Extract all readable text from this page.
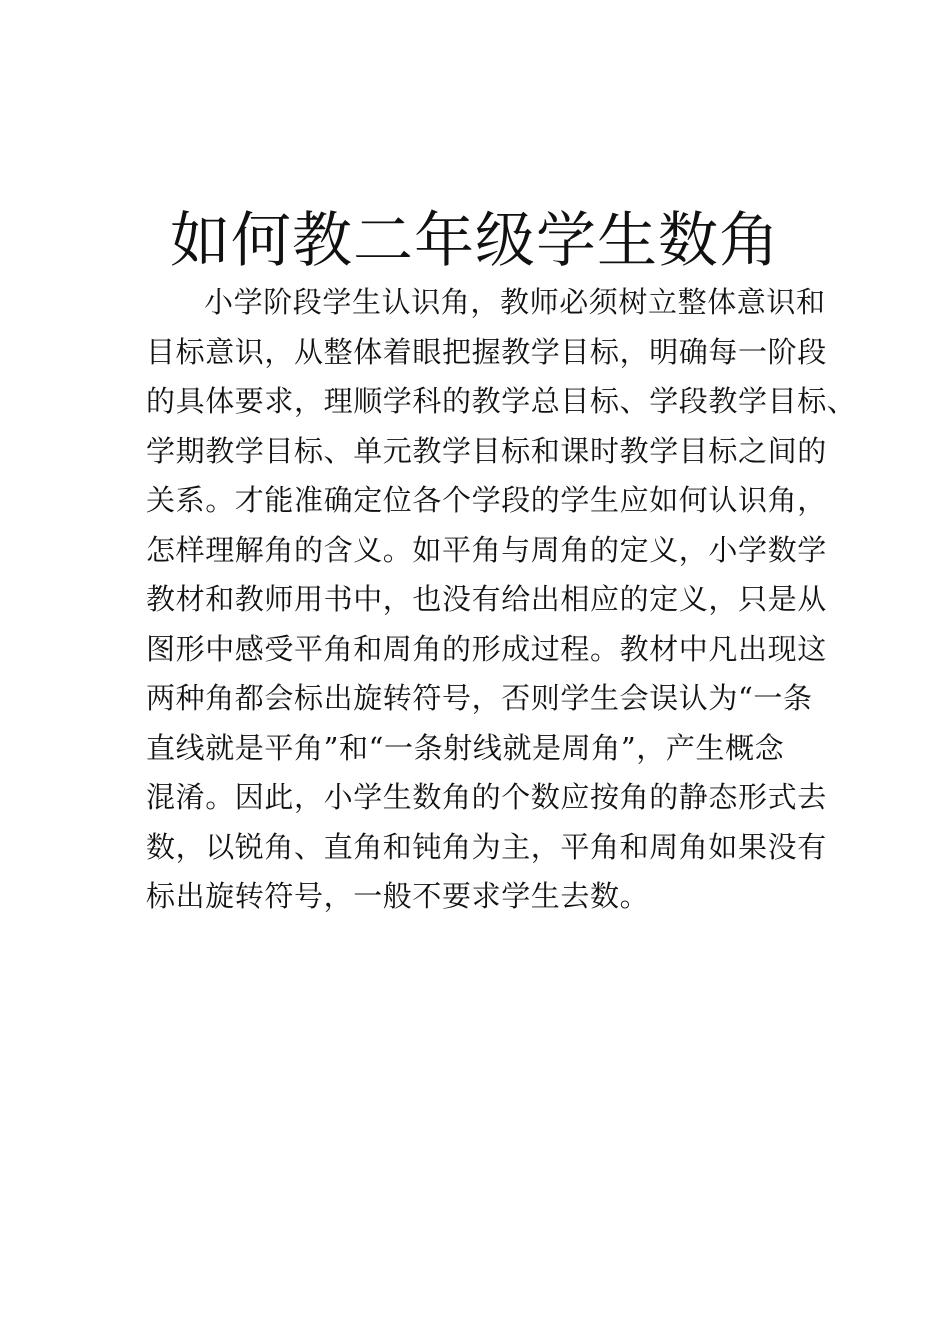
如何教二年级学生数角
小学阶段学生认识角，教师必须树立整体意识和
目标意识，从整体着眼把握教学目标，明确每一阶段
的具体要求，理顺学科的教学总目标、学段教学目标、
学期教学目标、单元教学目标和课时教学目标之间的
关系。才能准确定位各个学段的学生应如何认识角，
怎样理解角的含义。如平角与周角的定义，小学数学
教材和教师用书中，也没有给出相应的定义，只是从
图形中感受平角和周角的形成过程。教材中凡出现这
两种角都会标出旋转符号，否则学生会误认为“一条
直线就是平角”和“一条射线就是周角”，产生概念
混淆。因此，小学生数角的个数应按角的静态形式去
数，以锐角、直角和钝角为主，平角和周角如果没有
标出旋转符号，一般不要求学生去数。
